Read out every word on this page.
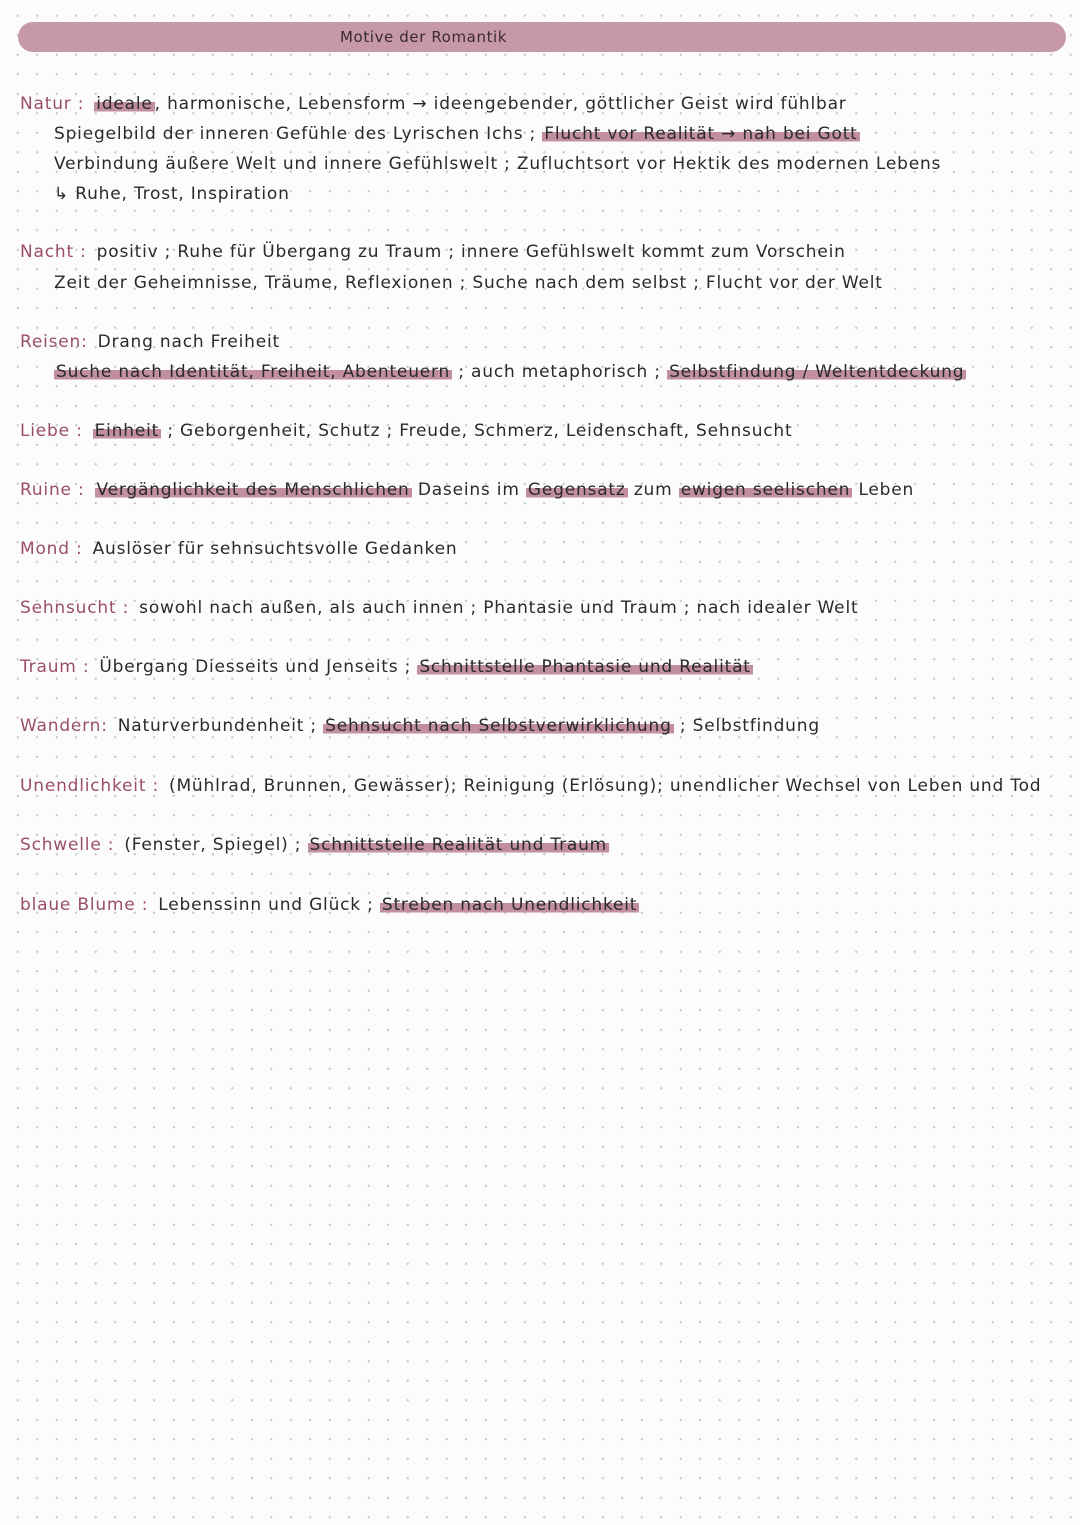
Motive der Romantik
Natur : ideale , harmonische, Lebensform → ideengebender, göttlicher Geist wird fühlbar
Spiegelbild der inneren Gefühle des Lyrischen Ichs ; Flucht vor Realität → nah bei Gott
Verbindung äußere Welt und innere Gefühlswelt ; Zufluchtsort vor Hektik des modernen Lebens
↳ Ruhe, Trost, Inspiration
Nacht : positiv ; Ruhe für Übergang zu Traum ; innere Gefühlswelt kommt zum Vorschein
Zeit der Geheimnisse, Träume, Reflexionen ; Suche nach dem selbst ; Flucht vor der Welt
Reisen: Drang nach Freiheit
Suche nach Identität, Freiheit, Abenteuern ; auch metaphorisch ; Selbstfindung / Weltentdeckung
Liebe : Einheit ; Geborgenheit, Schutz ; Freude, Schmerz, Leidenschaft, Sehnsucht
Ruine : Vergänglichkeit des Menschlichen Daseins im Gegensatz zum ewigen seelischen Leben
Mond : Auslöser für sehnsuchtsvolle Gedanken
Sehnsucht : sowohl nach außen, als auch innen ; Phantasie und Traum ; nach idealer Welt
Traum : Übergang Diesseits und Jenseits ; Schnittstelle Phantasie und Realität
Wandern: Naturverbundenheit ; Sehnsucht nach Selbstverwirklichung ; Selbstfindung
Unendlichkeit : (Mühlrad, Brunnen, Gewässer); Reinigung (Erlösung); unendlicher Wechsel von Leben und Tod
Schwelle : (Fenster, Spiegel) ; Schnittstelle Realität und Traum
blaue Blume : Lebenssinn und Glück ; Streben nach Unendlichkeit
